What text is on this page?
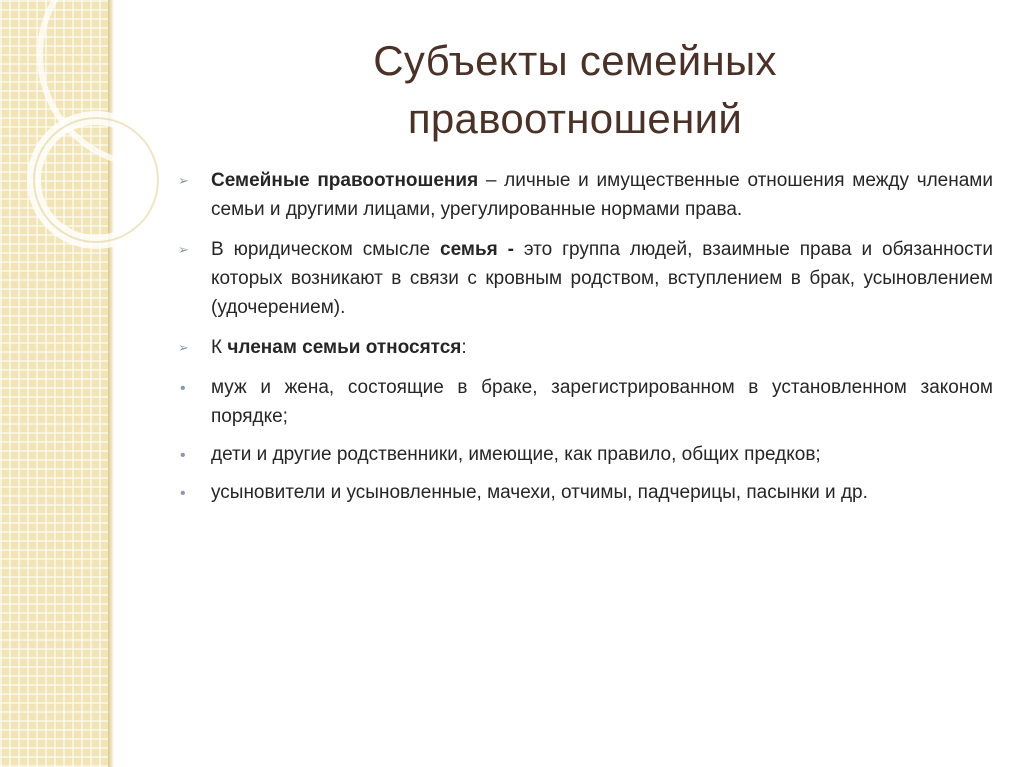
Субъекты семейных
правоотношений
➢	Семейные правоотношения – личные и имущественные отношения между членами семьи и другими лицами, урегулированные нормами права.
➢	В юридическом смысле семья - это группа людей, взаимные права и обязанности которых возникают в связи с кровным родством, вступлением в брак, усыновлением (удочерением).
➢	К членам семьи относятся:
•	муж и жена, состоящие в браке, зарегистрированном в установленном законом порядке;
•	дети и другие родственники, имеющие, как правило, общих предков;
•	усыновители и усыновленные, мачехи, отчимы, падчерицы, пасынки и др.
